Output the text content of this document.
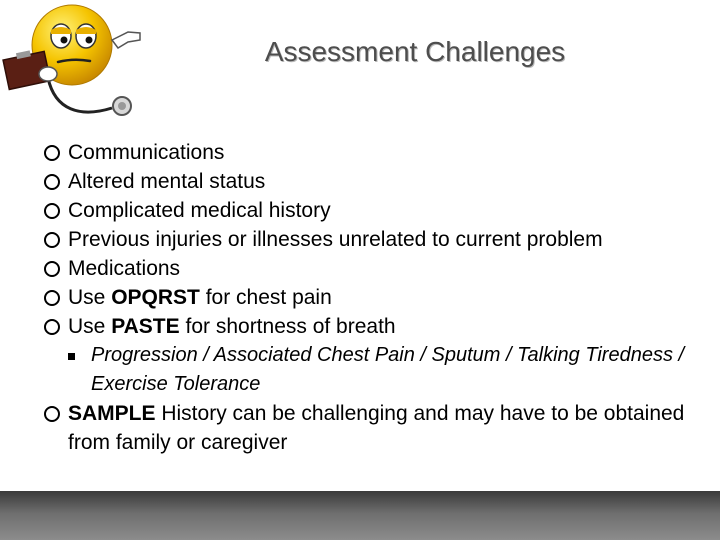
Assessment Challenges
Communications
Altered mental status
Complicated medical history
Previous injuries or illnesses unrelated to current problem
Medications
Use OPQRST for chest pain
Use PASTE for shortness of breath
Progression / Associated Chest Pain / Sputum / Talking Tiredness / Exercise Tolerance
SAMPLE History can be challenging and may have to be obtained from family or caregiver
